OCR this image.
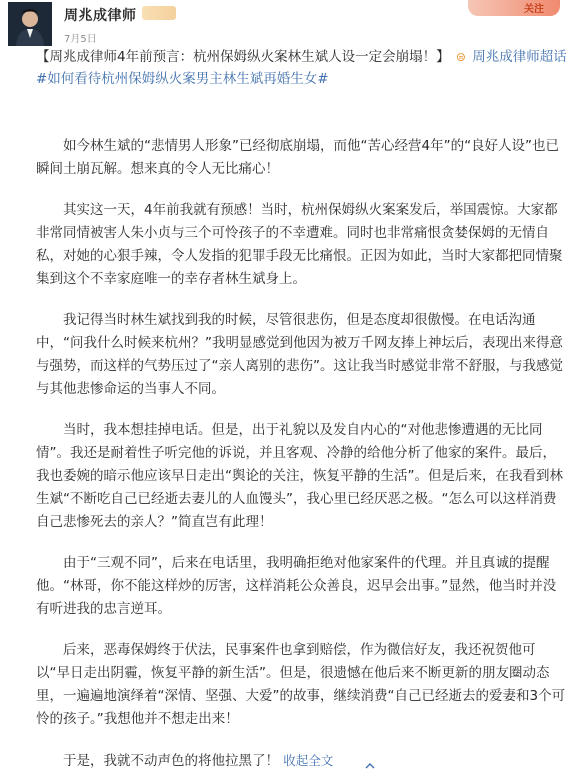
周兆成律师
7月5日
关注

【周兆成律师4年前预言：杭州保姆纵火案林生斌人设一定会崩塌！】 ⊜ 周兆成律师超话 #如何看待杭州保姆纵火案男主林生斌再婚生女#

如今林生斌的“悲情男人形象”已经彻底崩塌，而他“苦心经营4年”的“良好人设”也已瞬间土崩瓦解。想来真的令人无比痛心！

其实这一天，4年前我就有预感！当时，杭州保姆纵火案案发后，举国震惊。大家都非常同情被害人朱小贞与三个可怜孩子的不幸遭难。同时也非常痛恨贪婪保姆的无情自私，对她的心狠手辣，令人发指的犯罪手段无比痛恨。正因为如此，当时大家都把同情聚集到这个不幸家庭唯一的幸存者林生斌身上。

我记得当时林生斌找到我的时候，尽管很悲伤，但是态度却很傲慢。在电话沟通中，“问我什么时候来杭州？”我明显感觉到他因为被万千网友捧上神坛后，表现出来得意与强势，而这样的气势压过了“亲人离别的悲伤”。这让我当时感觉非常不舒服，与我感觉与其他悲惨命运的当事人不同。

当时，我本想挂掉电话。但是，出于礼貌以及发自内心的“对他悲惨遭遇的无比同情”。我还是耐着性子听完他的诉说，并且客观、冷静的给他分析了他家的案件。最后，我也委婉的暗示他应该早日走出“舆论的关注，恢复平静的生活”。但是后来，在我看到林生斌“不断吃自己已经逝去妻儿的人血馒头”，我心里已经厌恶之极。“怎么可以这样消费自己悲惨死去的亲人？”简直岂有此理！

由于“三观不同”，后来在电话里，我明确拒绝对他家案件的代理。并且真诚的提醒他。“林哥，你不能这样炒的厉害，这样消耗公众善良，迟早会出事。”显然，他当时并没有听进我的忠言逆耳。

后来，恶毒保姆终于伏法，民事案件也拿到赔偿，作为微信好友，我还祝贺他可以“早日走出阴霾，恢复平静的新生活”。但是，很遗憾在他后来不断更新的朋友圈动态里，一遍遍地演绎着“深情、坚强、大爱”的故事，继续消费“自己已经逝去的爱妻和3个可怜的孩子。”我想他并不想走出来！

于是，我就不动声色的将他拉黑了！ 收起全文
